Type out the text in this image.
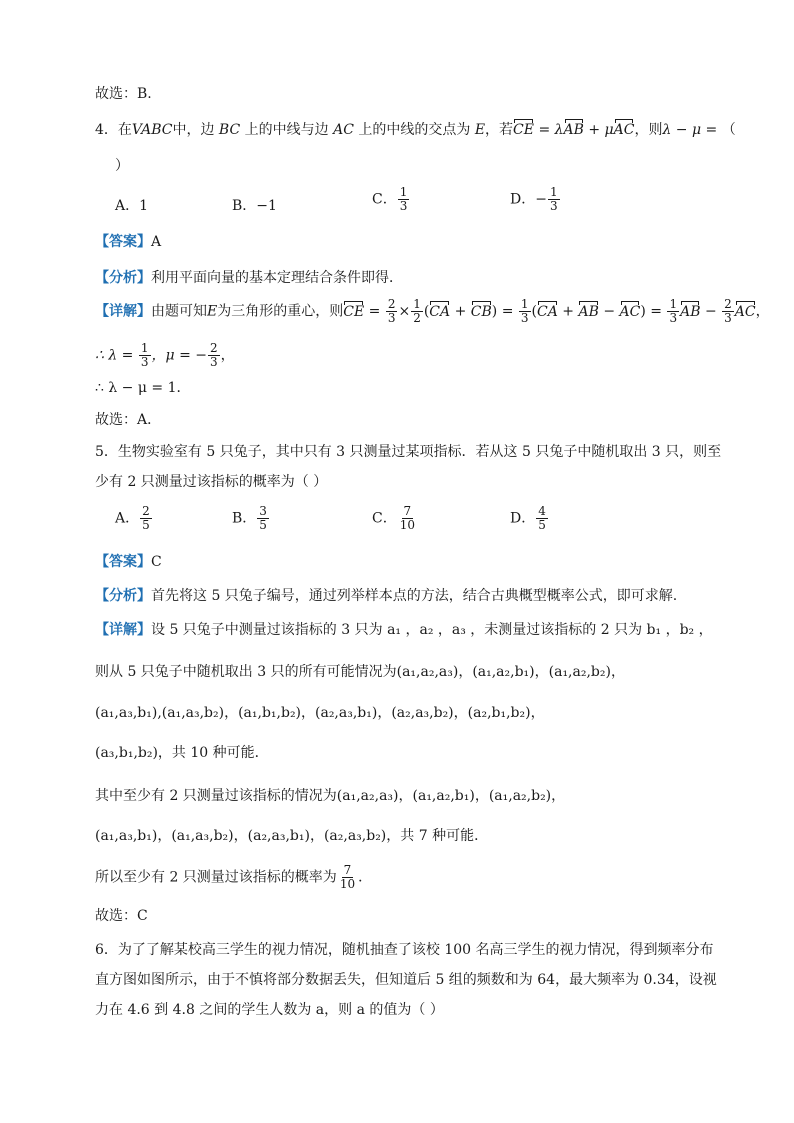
故选：B.
4．在VABC中，边 BC 上的中线与边 AC 上的中线的交点为 E，若CE = λAB + μAC，则λ − μ = （
）
A．1	B．−1	C． $\frac{1}{3}$	D．− $\frac{1}{3}$
【答案】A
【分析】利用平面向量的基本定理结合条件即得．
【详解】由题可知E为三角形的重心，则CE = $\frac{2}{3} \times \frac{1}{2} (CA + CB) = \frac{1}{3} (CA$ + AB − $AC) = \frac{1}{3}$ AB − $\frac{2}{3}$ AC，
∴ $\lambda = \frac{1}{3}$ ，μ = − $\frac{2}{3}$ ，
∴ λ − μ = 1．
故选：A．
5．生物实验室有 5 只兔子，其中只有 3 只测量过某项指标．若从这 5 只兔子中随机取出 3 只，则至
少有 2 只测量过该指标的概率为（ ）
A． $\frac{2}{5}$	B． $\frac{3}{5}$	C． $\frac{7}{10}$	D． $\frac{4}{5}$
【答案】C
【分析】首先将这 5 只兔子编号，通过列举样本点的方法，结合古典概型概率公式，即可求解.
【详解】设 5 只兔子中测量过该指标的 3 只为 a₁ ，a₂ ，a₃ ，未测量过该指标的 2 只为 b₁ ，b₂ ，
则从 5 只兔子中随机取出 3 只的所有可能情况为(a₁,a₂,a₃)，(a₁,a₂,b₁)，(a₁,a₂,b₂)，
(a₁,a₃,b₁),(a₁,a₃,b₂)，(a₁,b₁,b₂)，(a₂,a₃,b₁)，(a₂,a₃,b₂)，(a₂,b₁,b₂)，
(a₃,b₁,b₂)，共 10 种可能．
其中至少有 2 只测量过该指标的情况为(a₁,a₂,a₃)，(a₁,a₂,b₁)，(a₁,a₂,b₂)，
(a₁,a₃,b₁)，(a₁,a₃,b₂)，(a₂,a₃,b₁)，(a₂,a₃,b₂)，共 7 种可能．
所以至少有 2 只测量过该指标的概率为 $\frac{7}{10}$ ．
故选：C
6．为了了解某校高三学生的视力情况，随机抽查了该校 100 名高三学生的视力情况，得到频率分布
直方图如图所示，由于不慎将部分数据丢失，但知道后 5 组的频数和为 64，最大频率为 0.34，设视
力在 4.6 到 4.8 之间的学生人数为 a，则 a 的值为（ ）
